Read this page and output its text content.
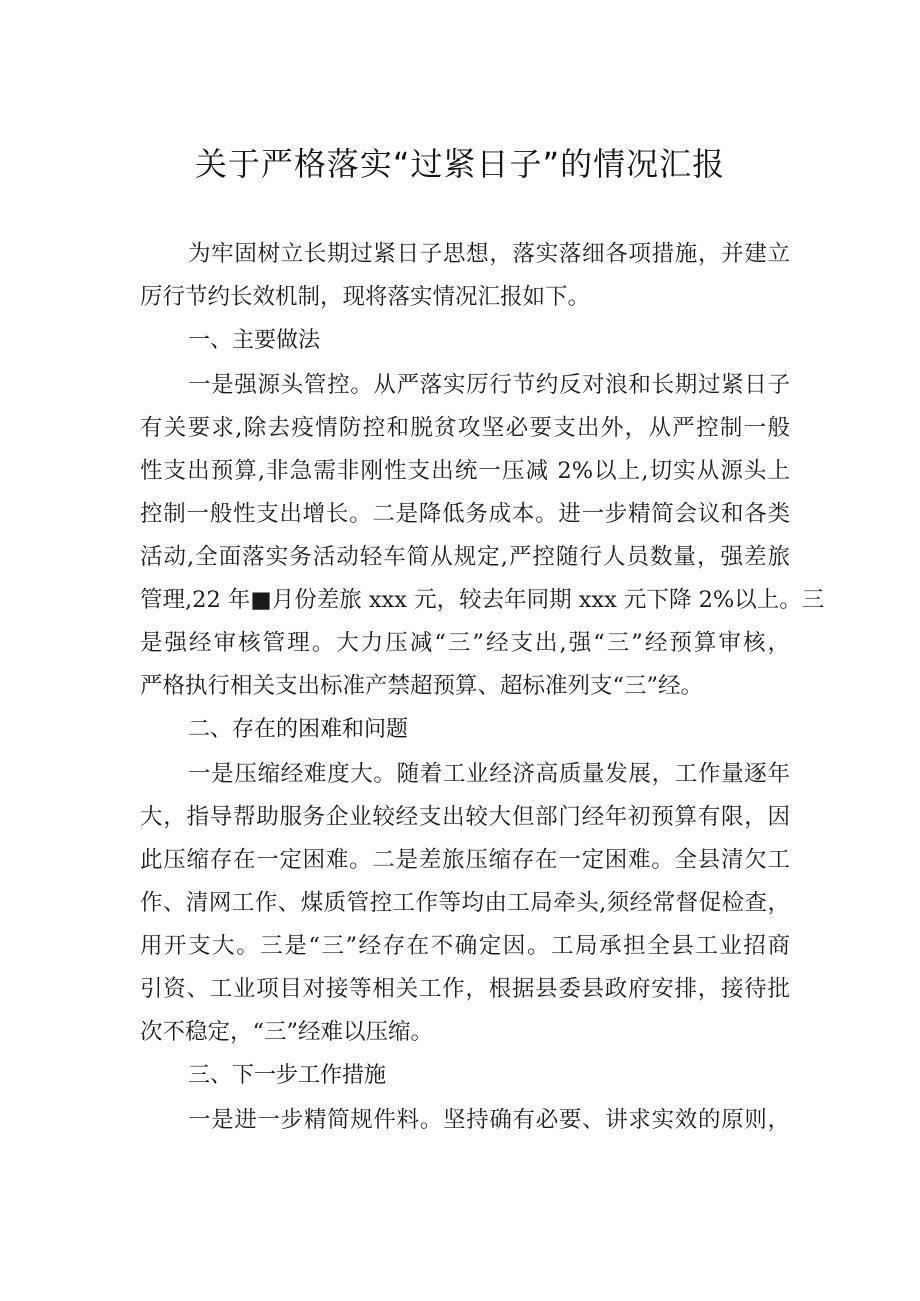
关于严格落实“过紧日子”的情况汇报
为牢固树立长期过紧日子思想，落实落细各项措施，并建立
厉行节约长效机制，现将落实情况汇报如下。
一、主要做法
一是强源头管控。从严落实厉行节约反对浪和长期过紧日子
有关要求,除去疫情防控和脱贫攻坚必要支出外，从严控制一般
性支出预算,非急需非刚性支出统一压减 2%以上,切实从源头上
控制一般性支出增长。二是降低务成本。进一步精简会议和各类
活动,全面落实务活动轻车简从规定,严控随行人员数量，强差旅
管理,22 年■月份差旅 xxx 元，较去年同期 xxx 元下降 2%以上。三
是强经审核管理。大力压减“三”经支出,强“三”经预算审核，
严格执行相关支出标准产禁超预算、超标准列支“三”经。
二、存在的困难和问题
一是压缩经难度大。随着工业经济高质量发展，工作量逐年
大，指导帮助服务企业较经支出较大但部门经年初预算有限，因
此压缩存在一定困难。二是差旅压缩存在一定困难。全县清欠工
作、清网工作、煤质管控工作等均由工局牵头,须经常督促检查，
用开支大。三是“三”经存在不确定因。工局承担全县工业招商
引资、工业项目对接等相关工作，根据县委县政府安排，接待批
次不稳定，“三”经难以压缩。
三、下一步工作措施
一是进一步精简规件料。坚持确有必要、讲求实效的原则，
